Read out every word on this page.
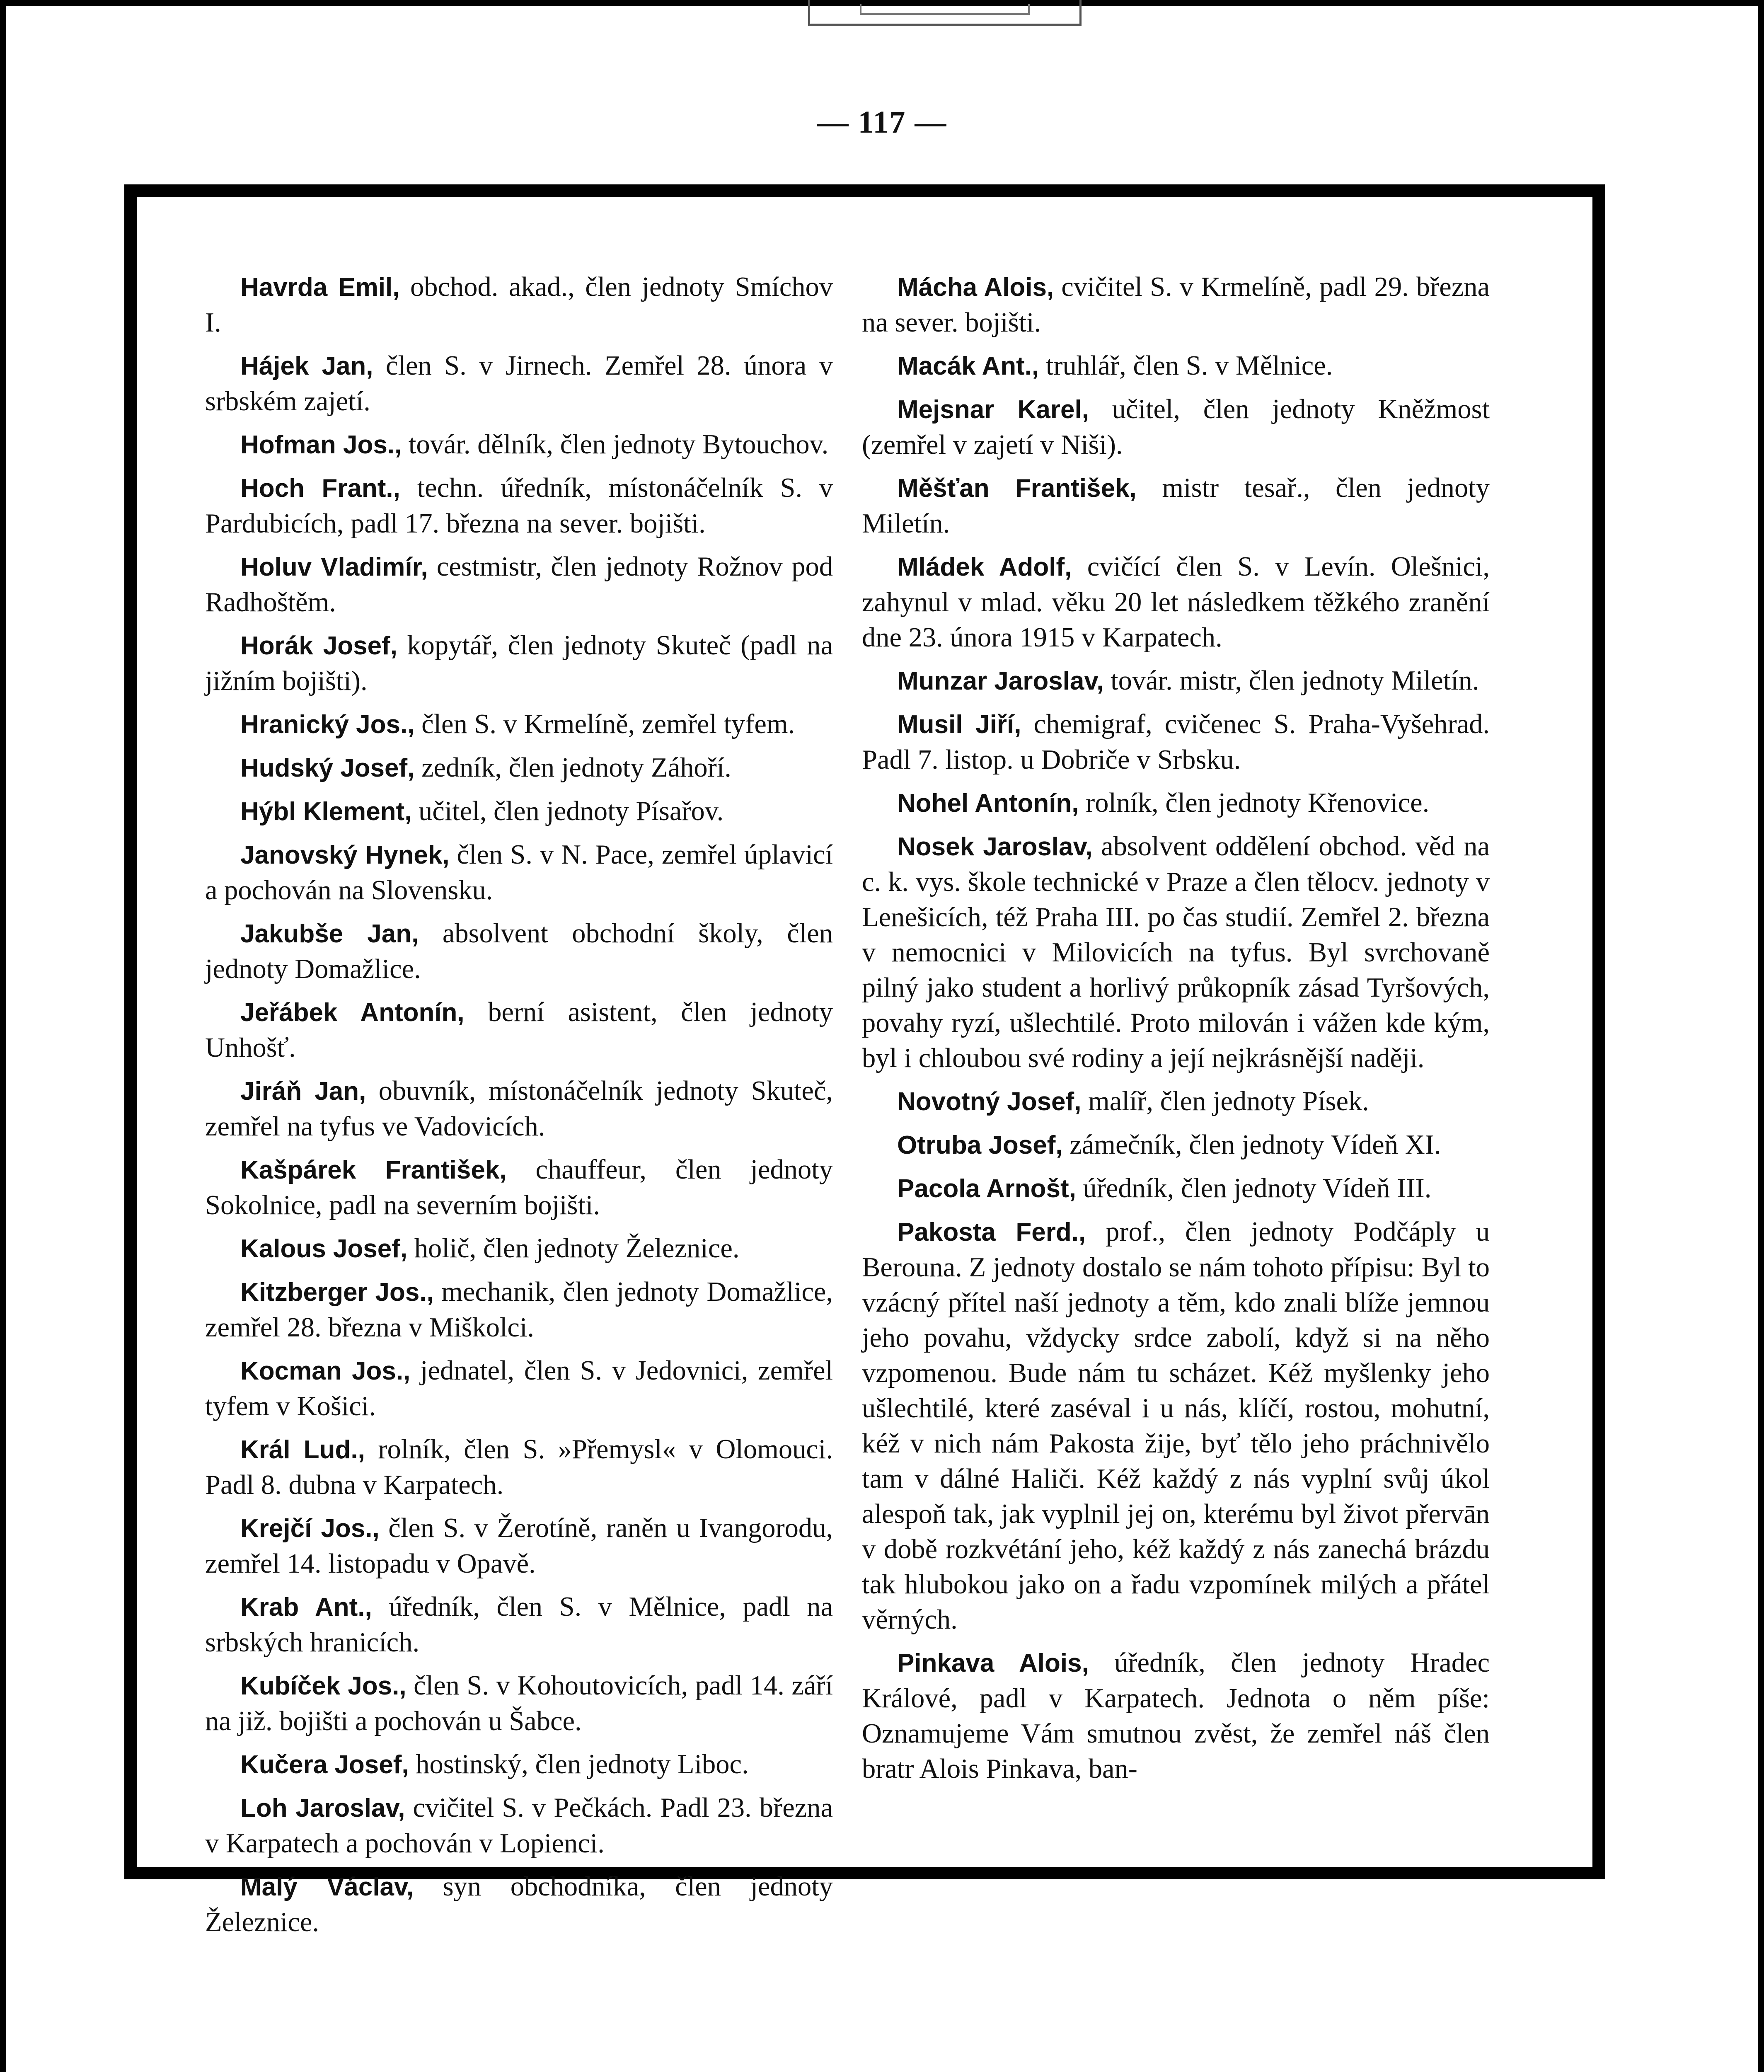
— 117 —

Havrda Emil, obchod. akad., člen jednoty Smíchov I.

Hájek Jan, člen S. v Jirnech. Zemřel 28. února v srbském zajetí.

Hofman Jos., továr. dělník, člen jednoty Bytouchov.

Hoch Frant., techn. úředník, místonáčelník S. v Pardubicích, padl 17. března na sever. bojišti.

Holuv Vladimír, cestmistr, člen jednoty Rožnov pod Radhoštěm.

Horák Josef, kopytář, člen jednoty Skuteč (padl na jižním bojišti).

Hranický Jos., člen S. v Krmelíně, zemřel tyfem.

Hudský Josef, zedník, člen jednoty Záhoří.

Hýbl Klement, učitel, člen jednoty Písařov.

Janovský Hynek, člen S. v N. Pace, zemřel úplavicí a pochován na Slovensku.

Jakubše Jan, absolvent obchodní školy, člen jednoty Domažlice.

Jeřábek Antonín, berní asistent, člen jednoty Unhošť.

Jiráň Jan, obuvník, místonáčelník jednoty Skuteč, zemřel na tyfus ve Vadovicích.

Kašpárek František, chauffeur, člen jednoty Sokolnice, padl na severním bojišti.

Kalous Josef, holič, člen jednoty Železnice.

Kitzberger Jos., mechanik, člen jednoty Domažlice, zemřel 28. března v Miškolci.

Kocman Jos., jednatel, člen S. v Jedovnici, zemřel tyfem v Košici.

Král Lud., rolník, člen S. »Přemysl« v Olomouci. Padl 8. dubna v Karpatech.

Krejčí Jos., člen S. v Žerotíně, raněn u Ivangorodu, zemřel 14. listopadu v Opavě.

Krab Ant., úředník, člen S. v Mělnice, padl na srbských hranicích.

Kubíček Jos., člen S. v Kohoutovicích, padl 14. září na již. bojišti a pochován u Šabce.

Kučera Josef, hostinský, člen jednoty Liboc.

Loh Jaroslav, cvičitel S. v Pečkách. Padl 23. března v Karpatech a pochován v Lopienci.

Malý Václav, syn obchodníka, člen jednoty Železnice.

Mácha Alois, cvičitel S. v Krmelíně, padl 29. března na sever. bojišti.

Macák Ant., truhlář, člen S. v Mělnice.

Mejsnar Karel, učitel, člen jednoty Kněžmost (zemřel v zajetí v Niši).

Měšťan František, mistr tesař., člen jednoty Miletín.

Mládek Adolf, cvičící člen S. v Levín. Olešnici, zahynul v mlad. věku 20 let následkem těžkého zranění dne 23. února 1915 v Karpatech.

Munzar Jaroslav, továr. mistr, člen jednoty Miletín.

Musil Jiří, chemigraf, cvičenec S. Praha-Vyšehrad. Padl 7. listop. u Dobriče v Srbsku.

Nohel Antonín, rolník, člen jednoty Křenovice.

Nosek Jaroslav, absolvent oddělení obchod. věd na c. k. vys. škole technické v Praze a člen tělocv. jednoty v Lenešicích, též Praha III. po čas studií. Zemřel 2. března v nemocnici v Milovicích na tyfus. Byl svrchovaně pilný jako student a horlivý průkopník zásad Tyršových, povahy ryzí, ušlechtilé. Proto milován i vážen kde kým, byl i chloubou své rodiny a její nejkrásnější naději.

Novotný Josef, malíř, člen jednoty Písek.

Otruba Josef, zámečník, člen jednoty Vídeň XI.

Pacola Arnošt, úředník, člen jednoty Vídeň III.

Pakosta Ferd., prof., člen jednoty Podčáply u Berouna. Z jednoty dostalo se nám tohoto přípisu: Byl to vzácný přítel naší jednoty a těm, kdo znali blíže jemnou jeho povahu, vždycky srdce zabolí, když si na něho vzpomenou. Bude nám tu scházet. Kéž myšlenky jeho ušlechtilé, které zaséval i u nás, klíčí, rostou, mohutní, kéž v nich nám Pakosta žije, byť tělo jeho práchnivělo tam v dálné Haliči. Kéž každý z nás vyplní svůj úkol alespoň tak, jak vyplnil jej on, kterému byl život přervān v době rozkvétání jeho, kéž každý z nás zanechá brázdu tak hlubokou jako on a řadu vzpomínek milých a přátel věrných.

Pinkava Alois, úředník, člen jednoty Hradec Králové, padl v Karpatech. Jednota o něm píše: Oznamujeme Vám smutnou zvěst, že zemřel náš člen bratr Alois Pinkava, ban-
